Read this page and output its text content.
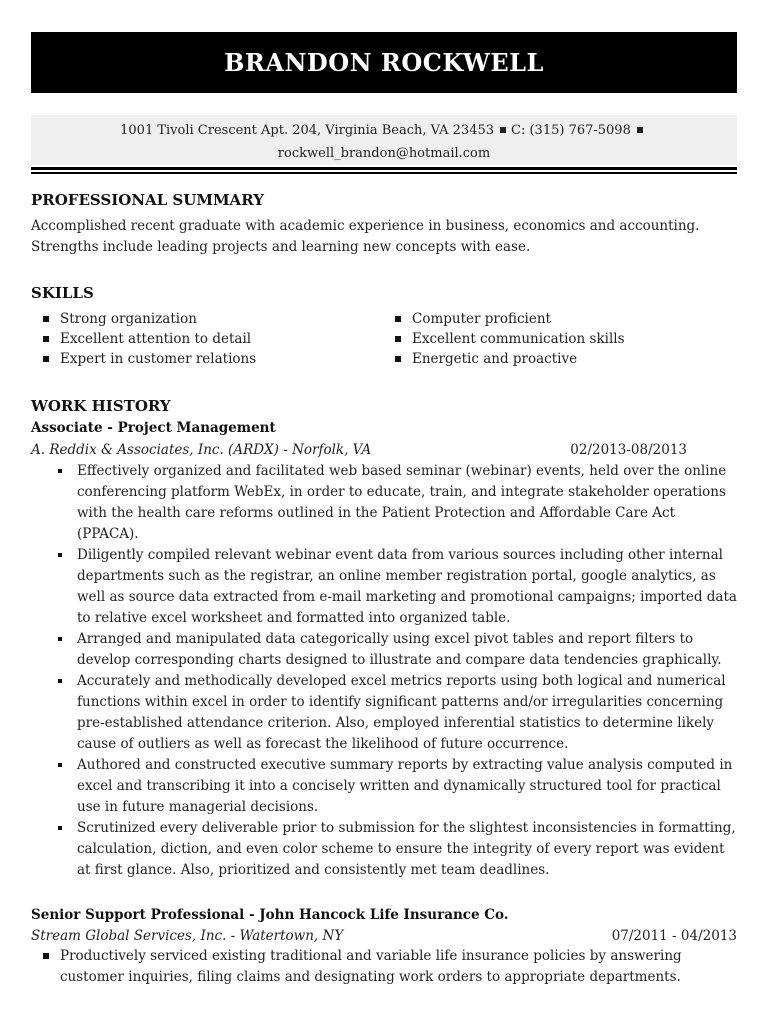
BRANDON ROCKWELL
1001 Tivoli Crescent Apt. 204, Virginia Beach, VA 23453 C: (315) 767-5098
rockwell_brandon@hotmail.com
PROFESSIONAL SUMMARY
Accomplished recent graduate with academic experience in business, economics and accounting.
Strengths include leading projects and learning new concepts with ease.
SKILLS
Strong organization
Excellent attention to detail
Expert in customer relations
Computer proficient
Excellent communication skills
Energetic and proactive
WORK HISTORY
Associate - Project Management
A. Reddix & Associates, Inc. (ARDX) - Norfolk, VA	02/2013-08/2013
Effectively organized and facilitated web based seminar (webinar) events, held over the online conferencing platform WebEx, in order to educate, train, and integrate stakeholder operations with the health care reforms outlined in the Patient Protection and Affordable Care Act (PPACA).
Diligently compiled relevant webinar event data from various sources including other internal departments such as the registrar, an online member registration portal, google analytics, as well as source data extracted from e-mail marketing and promotional campaigns; imported data to relative excel worksheet and formatted into organized table.
Arranged and manipulated data categorically using excel pivot tables and report filters to develop corresponding charts designed to illustrate and compare data tendencies graphically.
Accurately and methodically developed excel metrics reports using both logical and numerical functions within excel in order to identify significant patterns and/or irregularities concerning pre-established attendance criterion. Also, employed inferential statistics to determine likely cause of outliers as well as forecast the likelihood of future occurrence.
Authored and constructed executive summary reports by extracting value analysis computed in excel and transcribing it into a concisely written and dynamically structured tool for practical use in future managerial decisions.
Scrutinized every deliverable prior to submission for the slightest inconsistencies in formatting, calculation, diction, and even color scheme to ensure the integrity of every report was evident at first glance. Also, prioritized and consistently met team deadlines.
Senior Support Professional - John Hancock Life Insurance Co.
Stream Global Services, Inc. - Watertown, NY	07/2011 - 04/2013
Productively serviced existing traditional and variable life insurance policies by answering customer inquiries, filing claims and designating work orders to appropriate departments.
